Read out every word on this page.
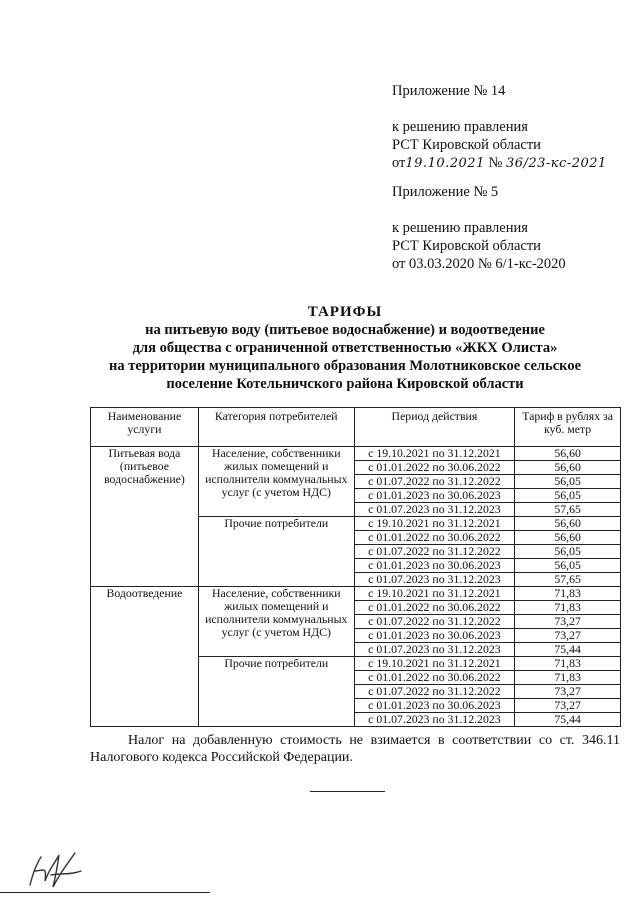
Приложение № 14
к решению правления
РСТ Кировской области
от19.10.2021 № 36/23-кс-2021
Приложение № 5
к решению правления
РСТ Кировской области
от 03.03.2020 № 6/1-кс-2020
ТАРИФЫ
на питьевую воду (питьевое водоснабжение) и водоотведение
для общества с ограниченной ответственностью «ЖКХ Олиста»
на территории муниципального образования Молотниковское сельское
поселение Котельничского района Кировской области
Наименование услуги	Категория потребителей	Период действия	Тариф в рублях за куб. метр
Питьевая вода (питьевое водоснабжение)	Население, собственники жилых помещений и исполнители коммунальных услуг (с учетом НДС)	с 19.10.2021 по 31.12.2021	56,60
		с 01.01.2022 по 30.06.2022	56,60
		с 01.07.2022 по 31.12.2022	56,05
		с 01.01.2023 по 30.06.2023	56,05
		с 01.07.2023 по 31.12.2023	57,65
	Прочие потребители	с 19.10.2021 по 31.12.2021	56,60
		с 01.01.2022 по 30.06.2022	56,60
		с 01.07.2022 по 31.12.2022	56,05
		с 01.01.2023 по 30.06.2023	56,05
		с 01.07.2023 по 31.12.2023	57,65
Водоотведение	Население, собственники жилых помещений и исполнители коммунальных услуг (с учетом НДС)	с 19.10.2021 по 31.12.2021	71,83
		с 01.01.2022 по 30.06.2022	71,83
		с 01.07.2022 по 31.12.2022	73,27
		с 01.01.2023 по 30.06.2023	73,27
		с 01.07.2023 по 31.12.2023	75,44
	Прочие потребители	с 19.10.2021 по 31.12.2021	71,83
		с 01.01.2022 по 30.06.2022	71,83
		с 01.07.2022 по 31.12.2022	73,27
		с 01.01.2023 по 30.06.2023	73,27
		с 01.07.2023 по 31.12.2023	75,44
Налог на добавленную стоимость не взимается в соответствии со ст. 346.11 Налогового кодекса Российской Федерации.
